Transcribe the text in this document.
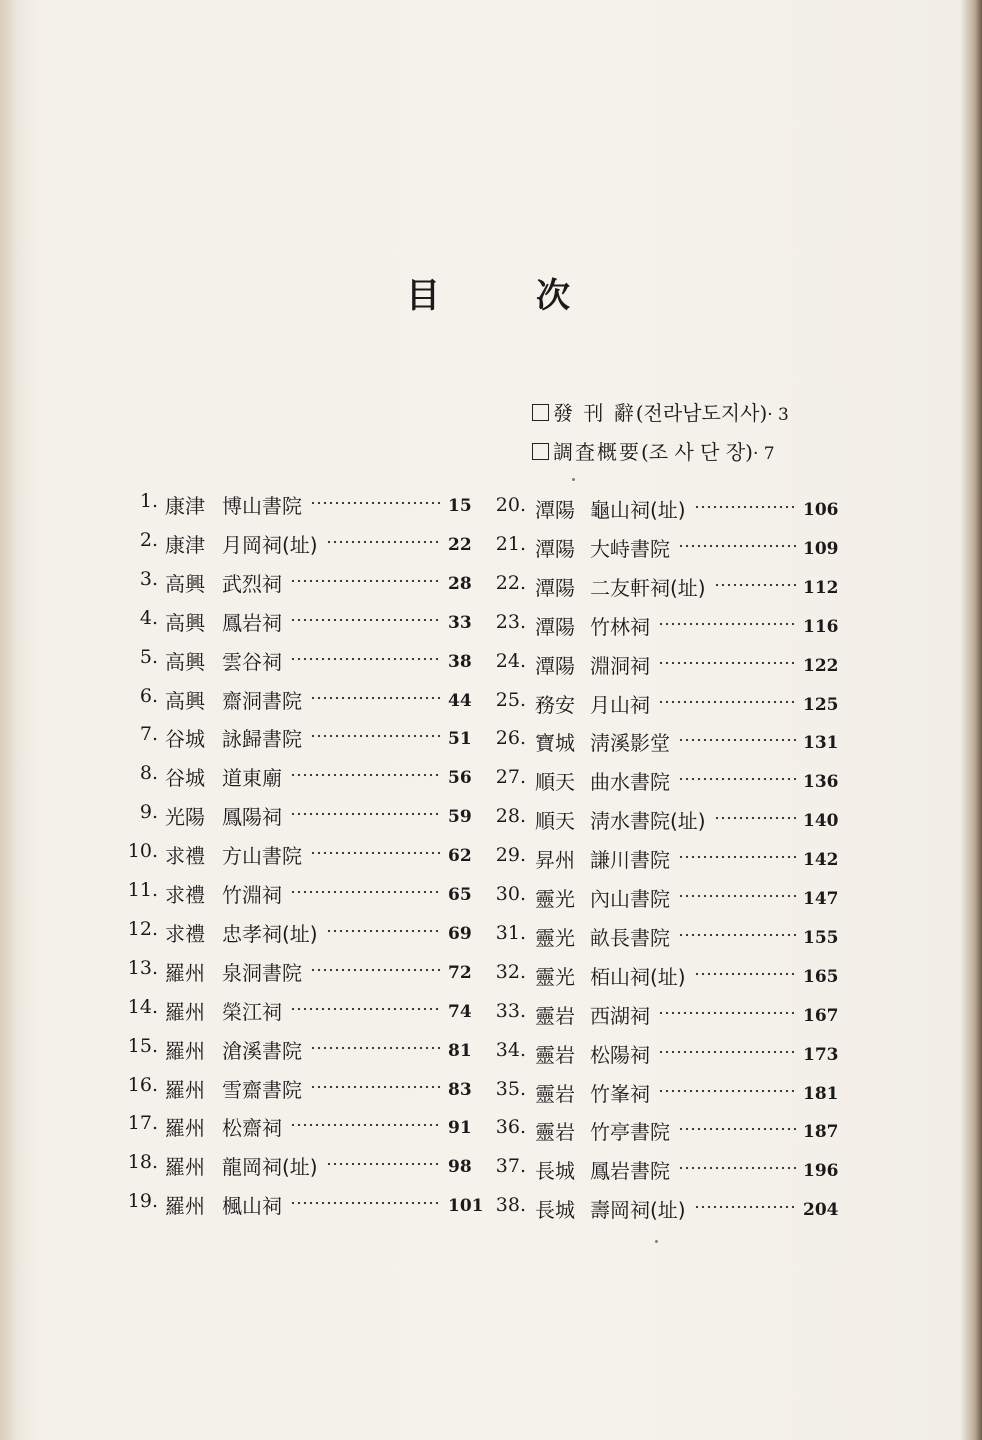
目	次
發 刊 辭(전라남도지사)· 3
調査概要(조 사 단 장)· 7
1. 康津 博山書院	15
2. 康津 月岡祠(址)	22
3. 高興 武烈祠	28
4. 高興 鳳岩祠	33
5. 高興 雲谷祠	38
6. 高興 齋洞書院	44
7. 谷城 詠歸書院	51
8. 谷城 道東廟	56
9. 光陽 鳳陽祠	59
10. 求禮 方山書院	62
11. 求禮 竹淵祠	65
12. 求禮 忠孝祠(址)	69
13. 羅州 泉洞書院	72
14. 羅州 榮江祠	74
15. 羅州 滄溪書院	81
16. 羅州 雪齋書院	83
17. 羅州 松齋祠	91
18. 羅州 龍岡祠(址)	98
19. 羅州 楓山祠	101
20. 潭陽 龜山祠(址)	106
21. 潭陽 大峙書院	109
22. 潭陽 二友軒祠(址)	112
23. 潭陽 竹林祠	116
24. 潭陽 淵洞祠	122
25. 務安 月山祠	125
26. 寶城 淸溪影堂	131
27. 順天 曲水書院	136
28. 順天 淸水書院(址)	140
29. 昇州 謙川書院	142
30. 靈光 內山書院	147
31. 靈光 畝長書院	155
32. 靈光 栢山祠(址)	165
33. 靈岩 西湖祠	167
34. 靈岩 松陽祠	173
35. 靈岩 竹峯祠	181
36. 靈岩 竹亭書院	187
37. 長城 鳳岩書院	196
38. 長城 壽岡祠(址)	204
